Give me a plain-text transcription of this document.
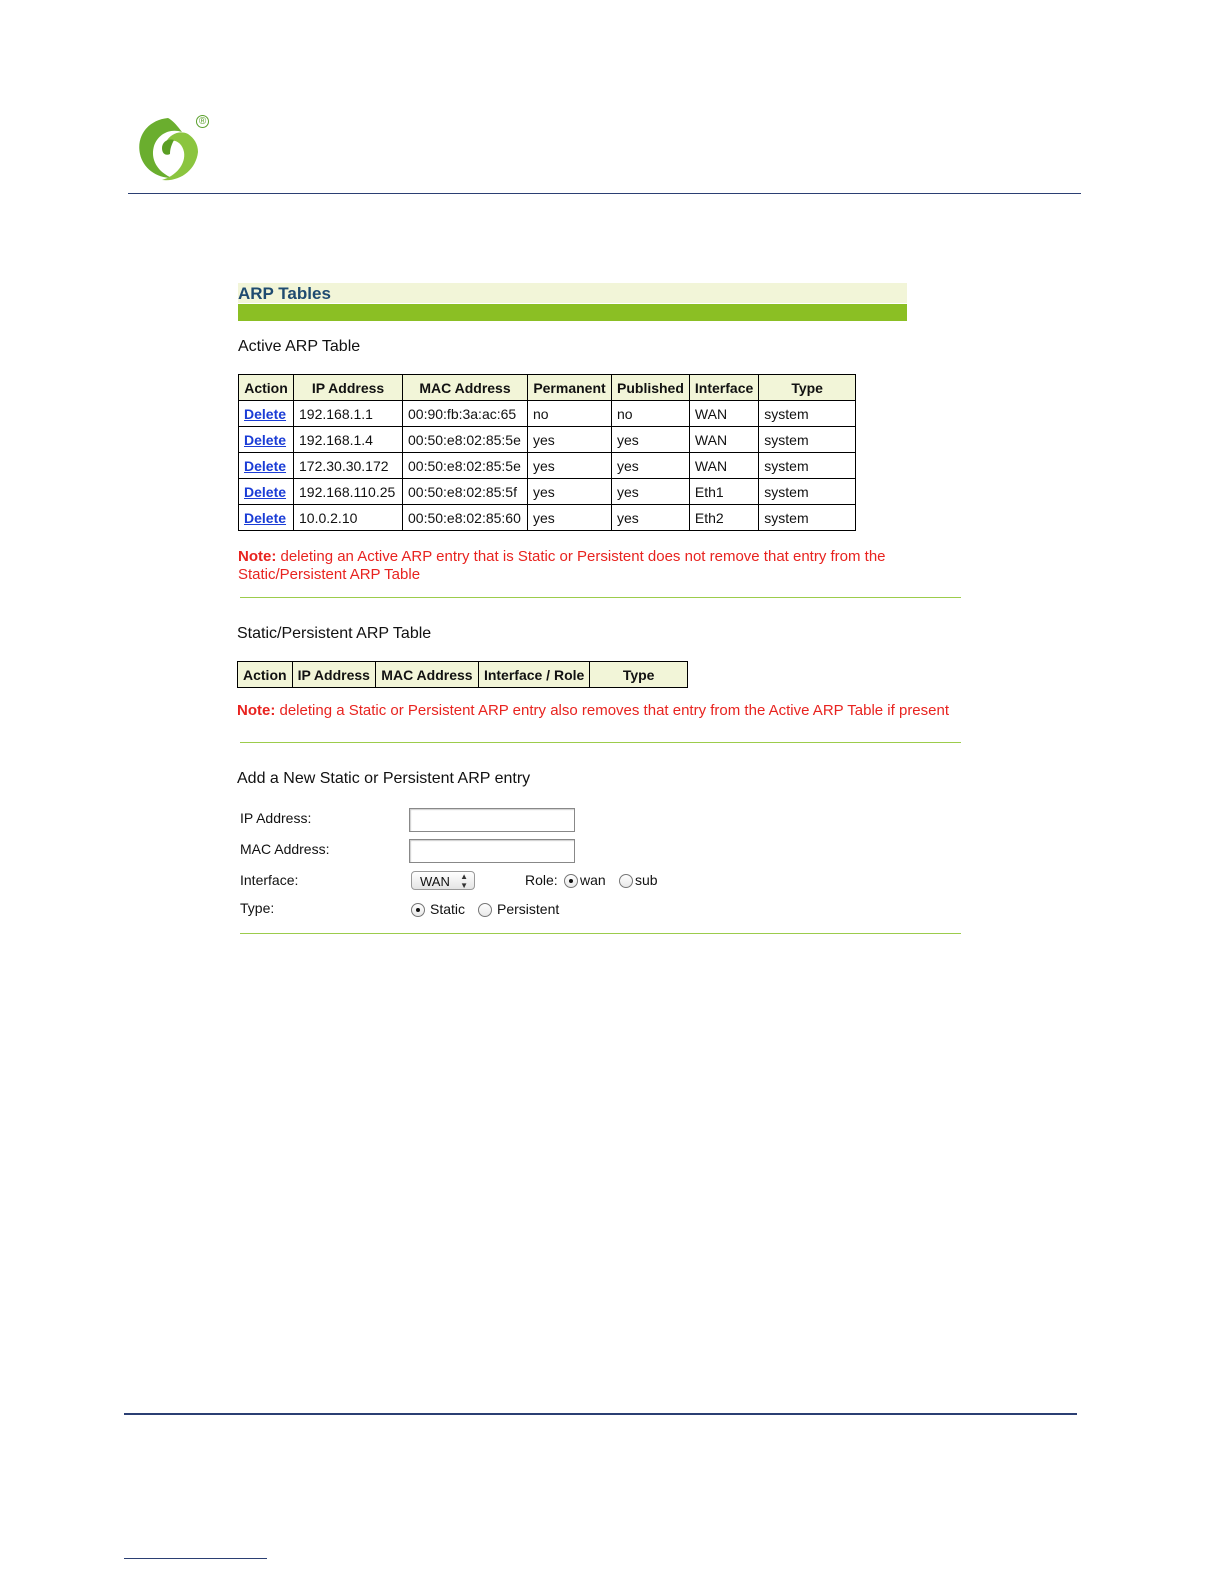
®
ARP Tables
Active ARP Table
Action	IP Address	MAC Address	Permanent	Published	Interface	Type
Delete	192.168.1.1	00:90:fb:3a:ac:65	no	no	WAN	system
Delete	192.168.1.4	00:50:e8:02:85:5e	yes	yes	WAN	system
Delete	172.30.30.172	00:50:e8:02:85:5e	yes	yes	WAN	system
Delete	192.168.110.25	00:50:e8:02:85:5f	yes	yes	Eth1	system
Delete	10.0.2.10	00:50:e8:02:85:60	yes	yes	Eth2	system
Note: deleting an Active ARP entry that is Static or Persistent does not remove that entry from the Static/Persistent ARP Table
Static/Persistent ARP Table
Action	IP Address	MAC Address	Interface / Role	Type
Note: deleting a Static or Persistent ARP entry also removes that entry from the Active ARP Table if present
Add a New Static or Persistent ARP entry
IP Address:
MAC Address:
Interface:	WAN ▲
▼	Role: wan sub
Type:	Static Persistent
